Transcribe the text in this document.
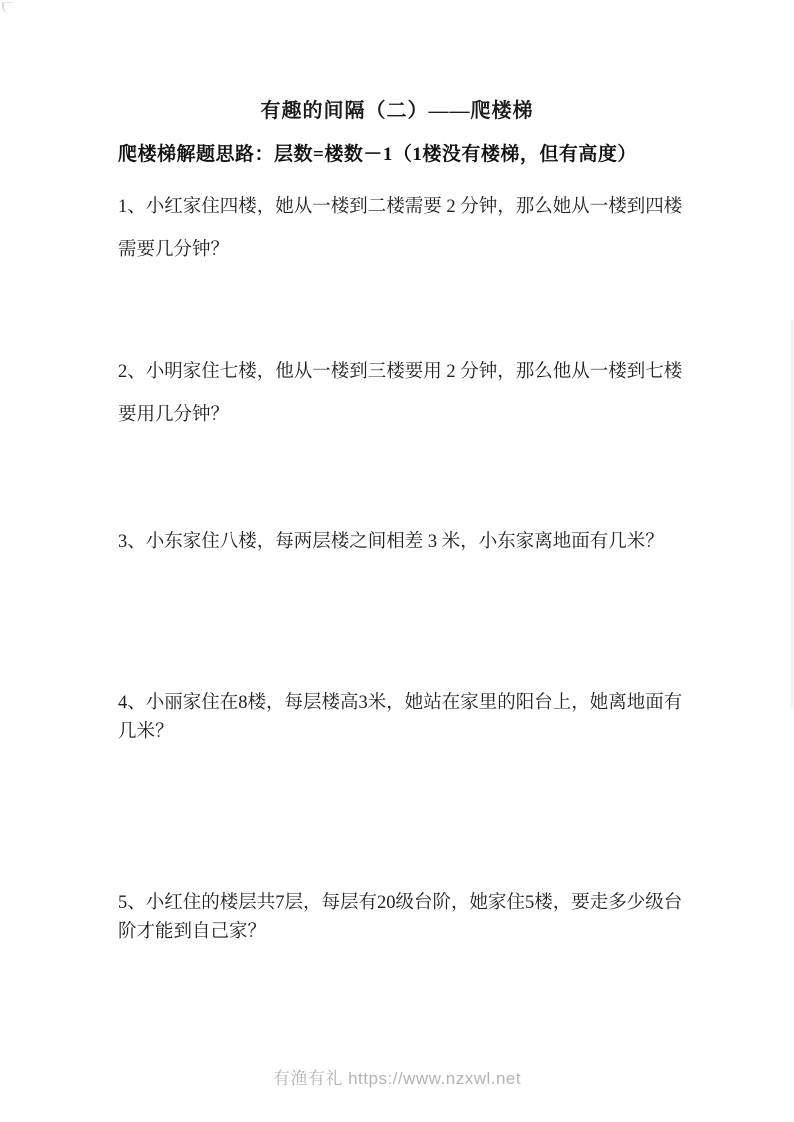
有趣的间隔（二）——爬楼梯
爬楼梯解题思路：层数=楼数－1（1楼没有楼梯，但有高度）
1、小红家住四楼，她从一楼到二楼需要 2 分钟，那么她从一楼到四楼
需要几分钟？
2、小明家住七楼，他从一楼到三楼要用 2 分钟，那么他从一楼到七楼
要用几分钟？
3、小东家住八楼，每两层楼之间相差 3 米，小东家离地面有几米？
4、小丽家住在8楼，每层楼高3米，她站在家里的阳台上，她离地面有
几米？
5、小红住的楼层共7层，每层有20级台阶，她家住5楼，要走多少级台
阶才能到自己家？
有渔有礼 https://www.nzxwl.net
